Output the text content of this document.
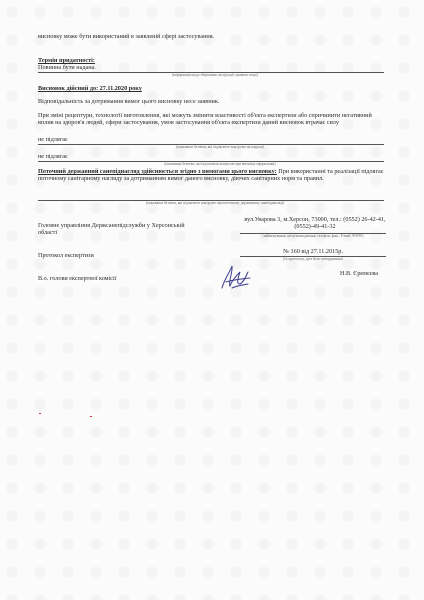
висновку може бути використаний в заявленій сфері застосування.
Термін придатності:
Повинна бути надана.
(інформація щодо зберігання, інструкції, правила тощо)
Висновок дійсний до: 27.11.2020 року
Відповідальність за дотримання вимог цього висновку несе заявник.
При зміні рецептури, технології виготовлення, які можуть змінити властивості об'єкта експертизи або спричинити негативний вплив на здоров'я людей, сфери застосування, умов застосування об'єкта експертизи даний висновок втрачає силу
не підлягає
(показники безпеки, які підлягають контролю на кордоні)
не підлягає
(показники безпеки, які підлягають контролю при митному оформленні)
Поточний державний санепіднагляд здійснюється згідно з вимогами цього висновку: При використанні та реалізації підлягає поточному санітарному нагляду за дотриманням вимог даного висновку, діючих санітарних норм та правил.
(показники безпеки, які підлягають контролю при поточному державному санепіднагляді)
Головне управління Держсанепідслужби у Херсонській області
вул.Уварова 3, м.Херсон, 73000, тел.: (0552) 26-42-41, (0552)-49-41-32
(найменування, місцезнаходження, телефон, факс, E-mail, WWW)
Протокол експертизи
№ 160 від 27.11.2015р.
(№ протоколу, дата його затвердження)
В.о. голови експертної комісії
Н.В. Єремєєва
